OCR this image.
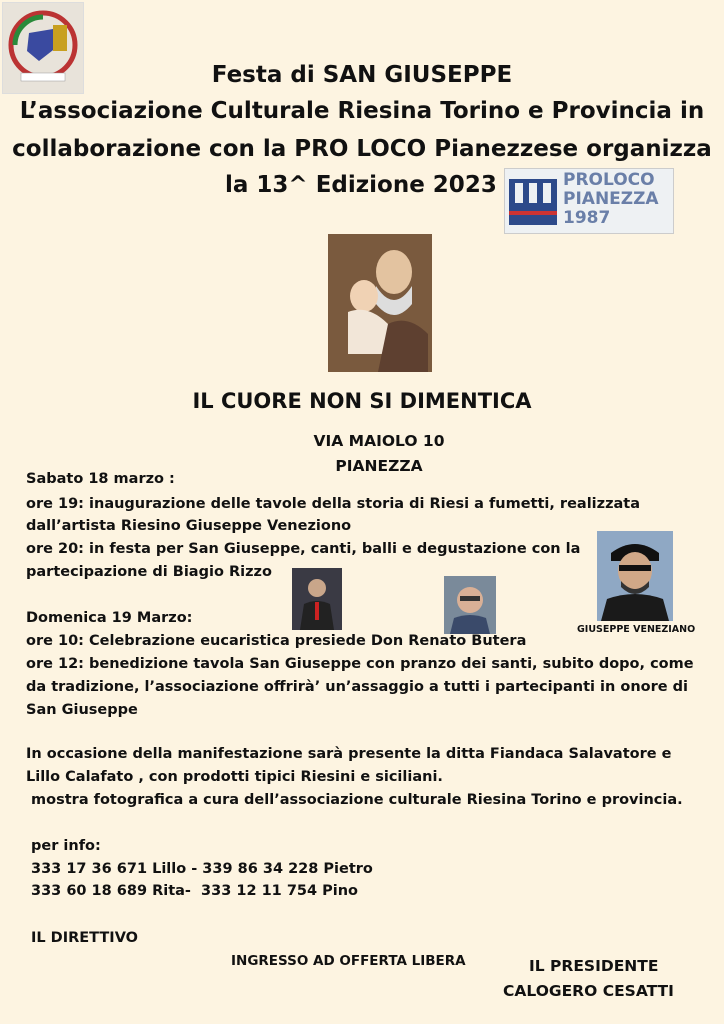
Festa di SAN GIUSEPPE
L’associazione Culturale Riesina Torino e Provincia in
collaborazione con la PRO LOCO Pianezzese organizza
la 13^ Edizione 2023	PROLOCO
PIANEZZA
1987
IL CUORE NON SI DIMENTICA
VIA MAIOLO 10
PIANEZZA
Sabato 18 marzo :
ore 19: inaugurazione delle tavole della storia di Riesi a fumetti, realizzata
dall’artista Riesino Giuseppe Veneziono
ore 20: in festa per San Giuseppe, canti, balli e degustazione con la
partecipazione di Biagio Rizzo
GIUSEPPE VENEZIANO
Domenica 19 Marzo:
ore 10: Celebrazione eucaristica presiede Don Renato Butera
ore 12: benedizione tavola San Giuseppe con pranzo dei santi, subito dopo, come
da tradizione, l’associazione offrirà’ un’assaggio a tutti i partecipanti in onore di
San Giuseppe
In occasione della manifestazione sarà presente la ditta Fiandaca Salavatore e
Lillo Calafato , con prodotti tipici Riesini e siciliani.
mostra fotografica a cura dell’associazione culturale Riesina Torino e provincia.
per info:
333 17 36 671 Lillo - 339 86 34 228 Pietro
333 60 18 689 Rita-  333 12 11 754 Pino
IL DIRETTIVO
INGRESSO AD OFFERTA LIBERA	IL PRESIDENTE
CALOGERO CESATTI
